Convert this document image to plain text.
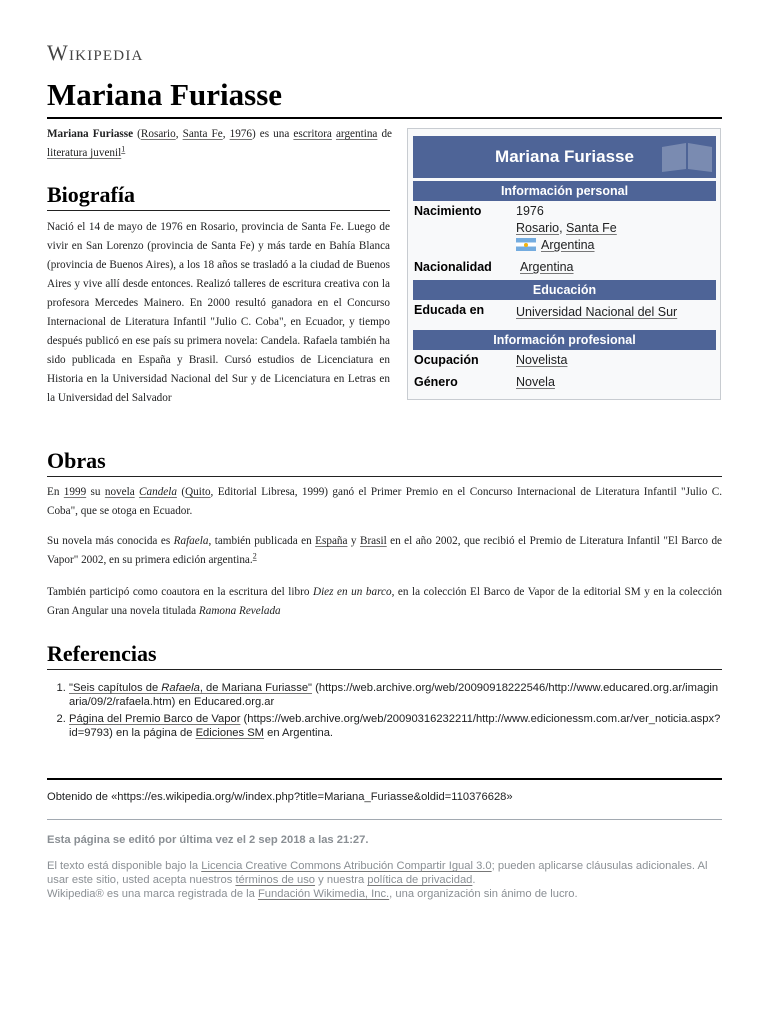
Wikipedia
Mariana Furiasse

Mariana Furiasse (Rosario, Santa Fe, 1976) es una escritora argentina de literatura juvenil$^1$	Mariana Furiasse
Información personal
Nacimiento	1976
Rosario, Santa Fe
Argentina
Nacionalidad Argentina
Educación
Educada en	Universidad Nacional del Sur
Información profesional
Ocupación	Novelista
Género	Novela
Biografía

Nació el 14 de mayo de 1976 en Rosario, provincia de Santa Fe. Luego de vivir en San Lorenzo (provincia de Santa Fe) y más tarde en Bahía Blanca (provincia de Buenos Aires), a los 18 años se trasladó a la ciudad de Buenos Aires y vive allí desde entonces. Realizó talleres de escritura creativa con la profesora Mercedes Mainero. En 2000 resultó ganadora en el Concurso Internacional de Literatura Infantil "Julio C. Coba", en Ecuador, y tiempo después publicó en ese país su primera novela: Candela. Rafaela también ha sido publicada en España y Brasil. Cursó estudios de Licenciatura en Historia en la Universidad Nacional del Sur y de Licenciatura en Letras en la Universidad del Salvador

Obras

En 1999 su novela Candela (Quito, Editorial Libresa, 1999) ganó el Primer Premio en el Concurso Internacional de Literatura Infantil "Julio C. Coba", que se otoga en Ecuador.

Su novela más conocida es Rafaela, también publicada en España y Brasil en el año 2002, que recibió el Premio de Literatura Infantil "El Barco de Vapor" 2002, en su primera edición argentina.$^2$

También participó como coautora en la escritura del libro Diez en un barco, en la colección El Barco de Vapor de la editorial SM y en la colección Gran Angular una novela titulada Ramona Revelada

Referencias
1. "Seis capítulos de Rafaela, de Mariana Furiasse" (https://web.archive.org/web/20090918222546/http://www.educared.org.ar/imaginaria/09/2/rafaela.htm) en Educared.org.ar
2. Página del Premio Barco de Vapor (https://web.archive.org/web/20090316232211/http://www.edicionessm.com.ar/ver_noticia.aspx?id=9793) en la página de Ediciones SM en Argentina.
Obtenido de «https://es.wikipedia.org/w/index.php?title=Mariana_Furiasse&oldid=110376628»
Esta página se editó por última vez el 2 sep 2018 a las 21:27.
El texto está disponible bajo la Licencia Creative Commons Atribución Compartir Igual 3.0; pueden aplicarse cláusulas adicionales. Al usar este sitio, usted acepta nuestros términos de uso y nuestra política de privacidad.
Wikipedia® es una marca registrada de la Fundación Wikimedia, Inc., una organización sin ánimo de lucro.
